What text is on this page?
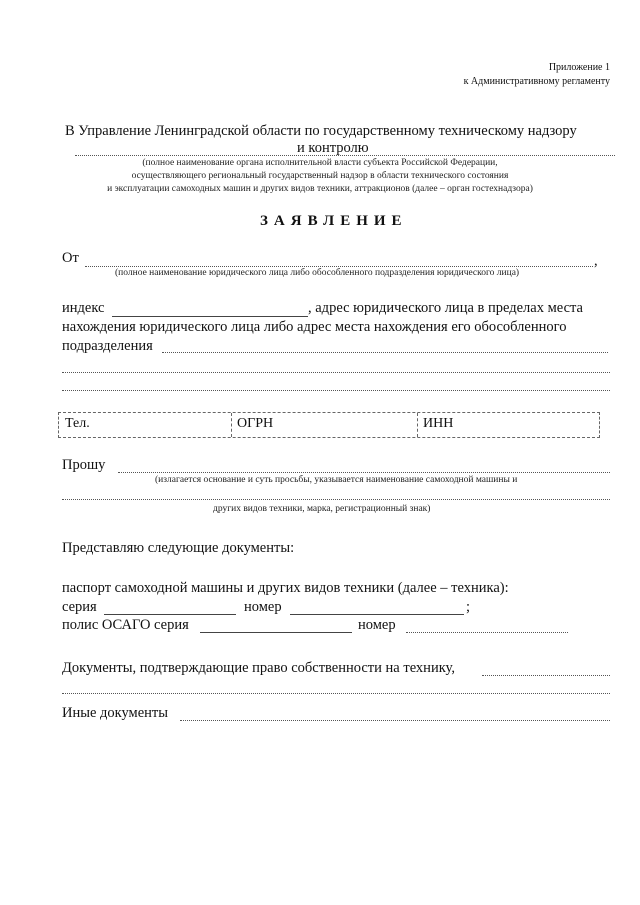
Приложение 1
к Административному регламенту
В Управление Ленинградской области по государственному техническому надзору
и контролю
(полное наименование органа исполнительной власти субъекта Российской Федерации,
осуществляющего региональный государственный надзор в области технического состояния
и эксплуатации самоходных машин и других видов техники, аттракционов (далее – орган гостехнадзора)
ЗАЯВЛЕНИЕ
От	,
(полное наименование юридического лица либо обособленного подразделения юридического лица)
индекс	, адрес юридического лица в пределах места
нахождения юридического лица либо адрес места нахождения его обособленного
подразделения
Тел.	ОГРН	ИНН
Прошу
(излагается основание и суть просьбы, указывается наименование самоходной машины и
других видов техники, марка, регистрационный знак)
Представляю следующие документы:
паспорт самоходной машины и других видов техники (далее – техника):
серия	номер	;
полис ОСАГО серия	номер
Документы, подтверждающие право собственности на технику,
Иные документы
